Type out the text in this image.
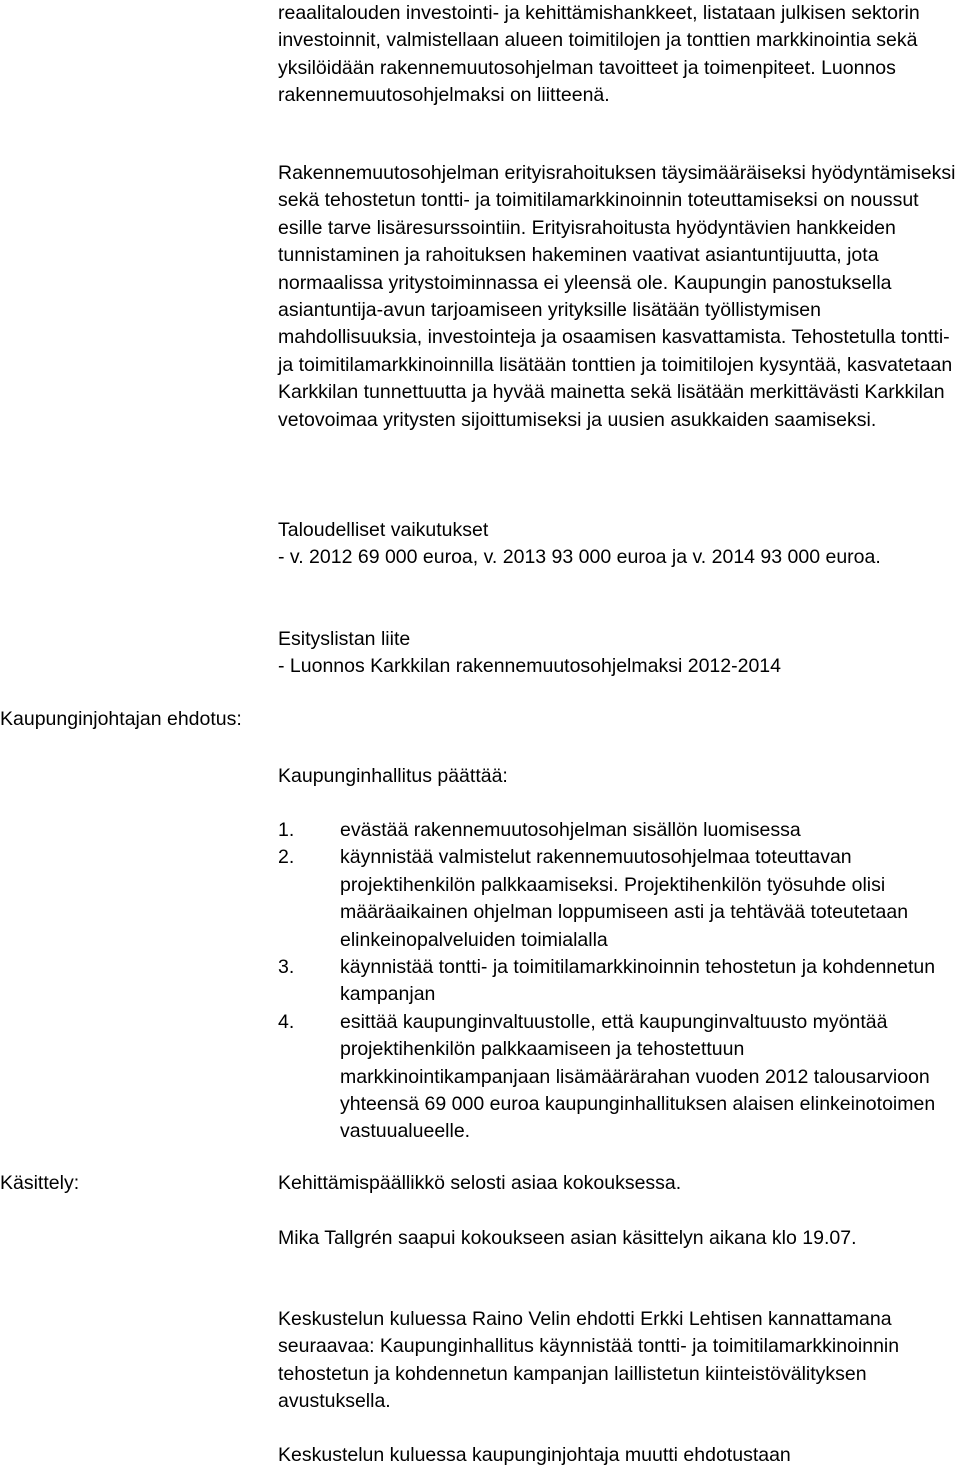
Kaupunginjohtajan ehdotus:
Käsittely:

reaalitalouden investointi- ja kehittämishankkeet, listataan julkisen sektorin investoinnit, valmistellaan alueen toimitilojen ja tonttien markkinointia sekä yksilöidään rakennemuutosohjelman tavoitteet ja toimenpiteet. Luonnos rakennemuutosohjelmaksi on liitteenä.

Rakennemuutosohjelman erityisrahoituksen täysimääräiseksi hyödyntämiseksi sekä tehostetun tontti- ja toimitilamarkkinoinnin toteuttamiseksi on noussut esille tarve lisäresurssointiin. Erityisrahoitusta hyödyntävien hankkeiden tunnistaminen ja rahoituksen hakeminen vaativat asiantuntijuutta, jota normaalissa yritystoiminnassa ei yleensä ole. Kaupungin panostuksella asiantuntija-avun tarjoamiseen yrityksille lisätään työllistymisen mahdollisuuksia, investointeja ja osaamisen kasvattamista. Tehostetulla tontti- ja toimitilamarkkinoinnilla lisätään tonttien ja toimitilojen kysyntää, kasvatetaan Karkkilan tunnettuutta ja hyvää mainetta sekä lisätään merkittävästi Karkkilan vetovoimaa yritysten sijoittumiseksi ja uusien asukkaiden saamiseksi.

Taloudelliset vaikutukset

- v. 2012 69 000 euroa, v. 2013 93 000 euroa ja v. 2014 93 000 euroa.

Esityslistan liite

- Luonnos Karkkilan rakennemuutosohjelmaksi 2012-2014

Kaupunginhallitus päättää:

1. evästää rakennemuutosohjelman sisällön luomisessa
2. käynnistää valmistelut rakennemuutosohjelmaa toteuttavan projektihenkilön palkkaamiseksi. Projektihenkilön työsuhde olisi määräaikainen ohjelman loppumiseen asti ja tehtävää toteutetaan elinkeinopalveluiden toimialalla
3. käynnistää tontti- ja toimitilamarkkinoinnin tehostetun ja kohdennetun kampanjan
4. esittää kaupunginvaltuustolle, että kaupunginvaltuusto myöntää projektihenkilön palkkaamiseen ja tehostettuun markkinointikampanjaan lisämäärärahan vuoden 2012 talousarvioon yhteensä 69 000 euroa kaupunginhallituksen alaisen elinkeinotoimen vastuualueelle.

Kehittämispäällikkö selosti asiaa kokouksessa.

Mika Tallgrén saapui kokoukseen asian käsittelyn aikana klo 19.07.

Keskustelun kuluessa Raino Velin ehdotti Erkki Lehtisen kannattamana seuraavaa: Kaupunginhallitus käynnistää tontti- ja toimitilamarkkinoinnin tehostetun ja kohdennetun kampanjan laillistetun kiinteistövälityksen avustuksella.

Keskustelun kuluessa kaupunginjohtaja muutti ehdotustaan
